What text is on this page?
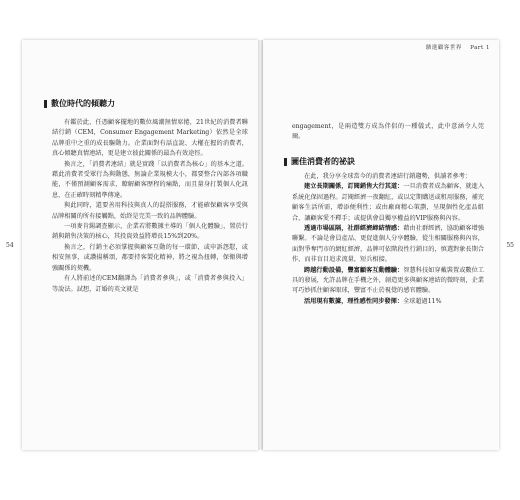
54	55
駭進顧客世界 Part 1
數位時代的傾聽力

有鑑於此，任憑顧客擺地的數位風潮無情席捲，21世紀的消費者聯結行銷（CEM，Consumer Engagement Marketing）依然是全球品牌重中之重的成長驅動力。企業面對有話直說、大權在握的消費者，真心傾聽真情連結，更是建立彼此關係的最為有效途徑。

換言之，「消費者連結」就是實踐「以消費者為核心」的基本之道。藉此消費者受眾行為與動態，無論企業規模大小，都要整合內部各項職能，不僅預測顧客需求，瞭解顧客歷程的痛點，而且量身打製個人化訊息，在正確時刻精準傳達。

與此同時，還要善用科技與真人的混搭服務，才能確保顧客享受與品牌相關的所有接觸點，始終是完美一致的品牌體驗。

一項麥肯錫調查顯示，企業若將數據主導的「個人化體驗」，置於行銷與銷售決策的核心，其投資效益將增長15%到20%。

換言之，行銷主必須掌握與顧客互動的每一環節，或申訴怨懟，或相安無事，或讚揚稱頌，都要持客製化精神，將之視為扭轉，保衛與增強關係的契機。

有人將前述的CEM翻譯為「消費者參與」，或「消費者參與投入」等說法。試想，訂婚的英文就是

engagement，是兩造雙方成為伴侶的一種儀式，此中意涵令人莞爾。

圖佳消費者的祕訣

在此，我分享全球當今的消費者連結行銷趨勢，供讀者參考：

建立長期關係，訂閱銷售大行其道 ： 一旦消費者成為顧客，就進入系統化保固過程。訂閱經濟一夜翻紅，或以定期購送或租用服務，補充顧客生活所需，增添便利性；或由廠商精心策劃，呈現個性化產品組合，讓顧客愛不釋手；或提供會員獨享權益的VIP服務與內容。

透過市場區隔，社群經濟締結情感 ： 藉由社群經濟，協助顧客增強聯繫。不論是會員產品、更促進個人分享體驗，從生相關服務與內容，面對爭奪門市的網紅經濟，品牌可依階段性行銷目的，慎選對象長期合作，而非盲目追求流量，短兵相接。

跨越行動設備，豐富顧客互動體驗 ： 智慧科技如穿戴裝置或數位工具的發展，允許品牌在手機之外，創造更多與顧客連結的微時刻，企業可巧妙抓住顧客眼球，豐富不止於視覺的感官體驗。

活用現有數據，理性感性同步發揮 ： 全球超過11%
